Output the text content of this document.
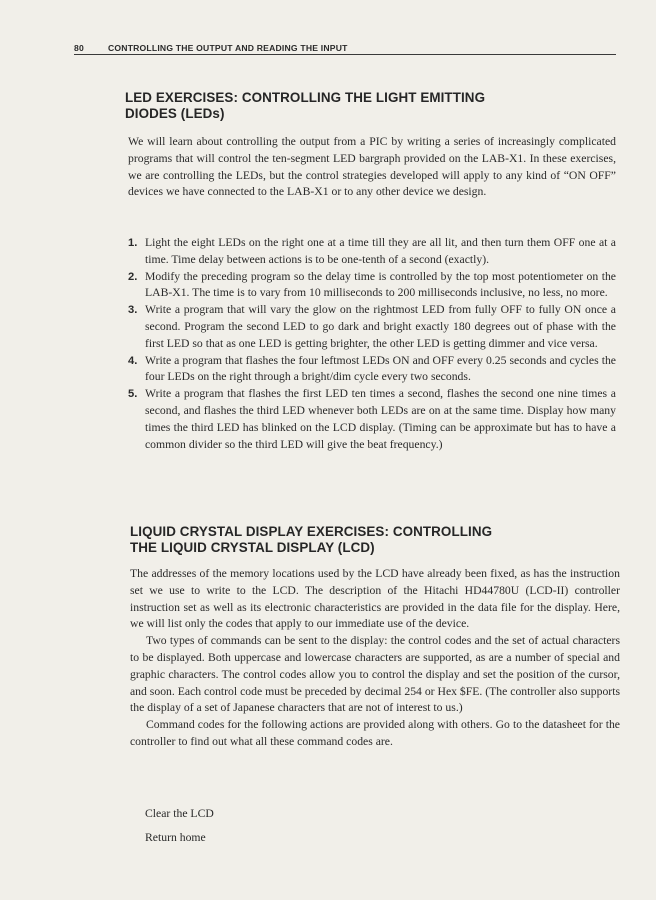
80	CONTROLLING THE OUTPUT AND READING THE INPUT
LED EXERCISES: CONTROLLING THE LIGHT EMITTING
DIODES (LEDs)

We will learn about controlling the output from a PIC by writing a series of increasingly complicated programs that will control the ten-segment LED bargraph provided on the LAB-X1. In these exercises, we are controlling the LEDs, but the control strategies developed will apply to any kind of “ON OFF” devices we have connected to the LAB-X1 or to any other device we design.

1. Light the eight LEDs on the right one at a time till they are all lit, and then turn them OFF one at a time. Time delay between actions is to be one-tenth of a second (exactly).
2. Modify the preceding program so the delay time is controlled by the top most potentiometer on the LAB-X1. The time is to vary from 10 milliseconds to 200 milliseconds inclusive, no less, no more.
3. Write a program that will vary the glow on the rightmost LED from fully OFF to fully ON once a second. Program the second LED to go dark and bright exactly 180 degrees out of phase with the first LED so that as one LED is getting brighter, the other LED is getting dimmer and vice versa.
4. Write a program that flashes the four leftmost LEDs ON and OFF every 0.25 seconds and cycles the four LEDs on the right through a bright/dim cycle every two seconds.
5. Write a program that flashes the first LED ten times a second, flashes the second one nine times a second, and flashes the third LED whenever both LEDs are on at the same time. Display how many times the third LED has blinked on the LCD display. (Timing can be approximate but has to have a common divider so the third LED will give the beat frequency.)
LIQUID CRYSTAL DISPLAY EXERCISES: CONTROLLING
THE LIQUID CRYSTAL DISPLAY (LCD)

The addresses of the memory locations used by the LCD have already been fixed, as has the instruction set we use to write to the LCD. The description of the Hitachi HD44780U (LCD-II) controller instruction set as well as its electronic characteristics are provided in the data file for the display. Here, we will list only the codes that apply to our immediate use of the device.

Two types of commands can be sent to the display: the control codes and the set of actual characters to be displayed. Both uppercase and lowercase characters are supported, as are a number of special and graphic characters. The control codes allow you to control the display and set the position of the cursor, and soon. Each control code must be preceded by decimal 254 or Hex $FE. (The controller also supports the display of a set of Japanese characters that are not of interest to us.)

Command codes for the following actions are provided along with others. Go to the datasheet for the controller to find out what all these command codes are.

Clear the LCD
Return home
